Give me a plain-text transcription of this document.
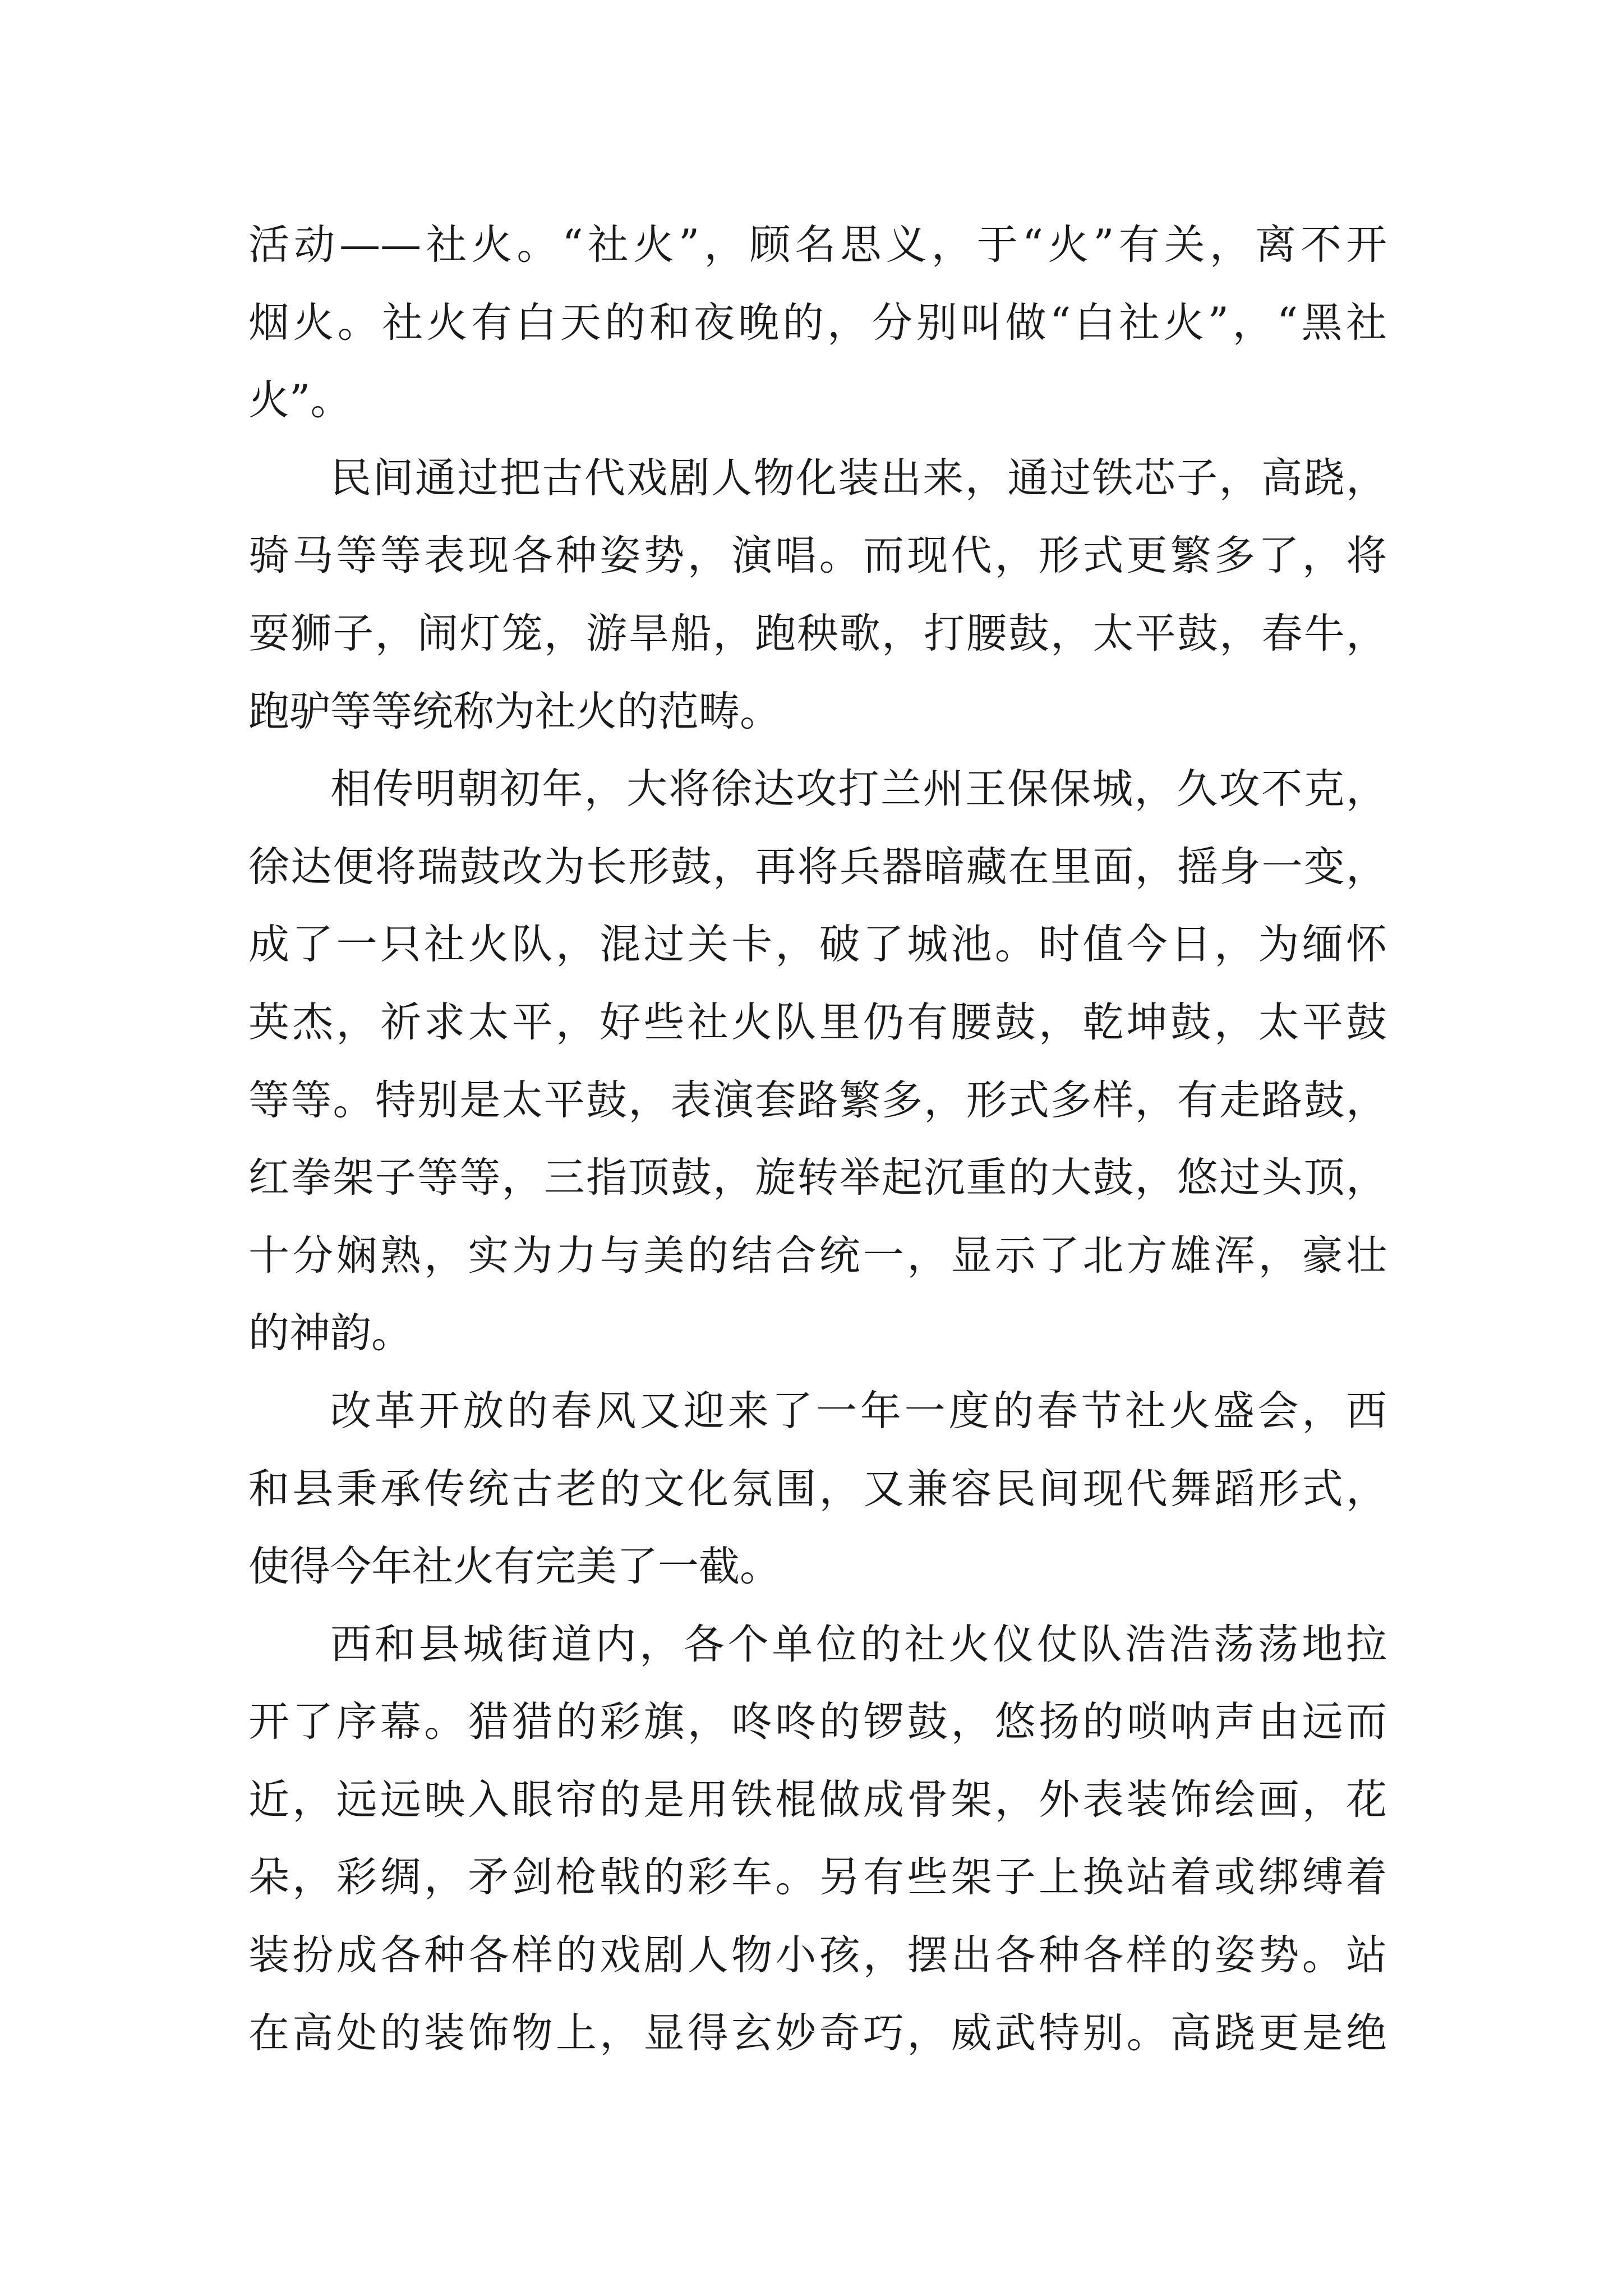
活动——社火。“社火”，顾名思义，于“火”有关，离不开
烟火。社火有白天的和夜晚的，分别叫做“白社火”，“黑社
火”。
民间通过把古代戏剧人物化装出来，通过铁芯子，高跷，
骑马等等表现各种姿势，演唱。而现代，形式更繁多了，将
耍狮子，闹灯笼，游旱船，跑秧歌，打腰鼓，太平鼓，春牛，
跑驴等等统称为社火的范畴。
相传明朝初年，大将徐达攻打兰州王保保城，久攻不克，
徐达便将瑞鼓改为长形鼓，再将兵器暗藏在里面，摇身一变，
成了一只社火队，混过关卡，破了城池。时值今日，为缅怀
英杰，祈求太平，好些社火队里仍有腰鼓，乾坤鼓，太平鼓
等等。特别是太平鼓，表演套路繁多，形式多样，有走路鼓，
红拳架子等等，三指顶鼓，旋转举起沉重的大鼓，悠过头顶，
十分娴熟，实为力与美的结合统一，显示了北方雄浑，豪壮
的神韵。
改革开放的春风又迎来了一年一度的春节社火盛会，西
和县秉承传统古老的文化氛围，又兼容民间现代舞蹈形式，
使得今年社火有完美了一截。
西和县城街道内，各个单位的社火仪仗队浩浩荡荡地拉
开了序幕。猎猎的彩旗，咚咚的锣鼓，悠扬的唢呐声由远而
近，远远映入眼帘的是用铁棍做成骨架，外表装饰绘画，花
朵，彩绸，矛剑枪戟的彩车。另有些架子上换站着或绑缚着
装扮成各种各样的戏剧人物小孩，摆出各种各样的姿势。站
在高处的装饰物上，显得玄妙奇巧，威武特别。高跷更是绝
